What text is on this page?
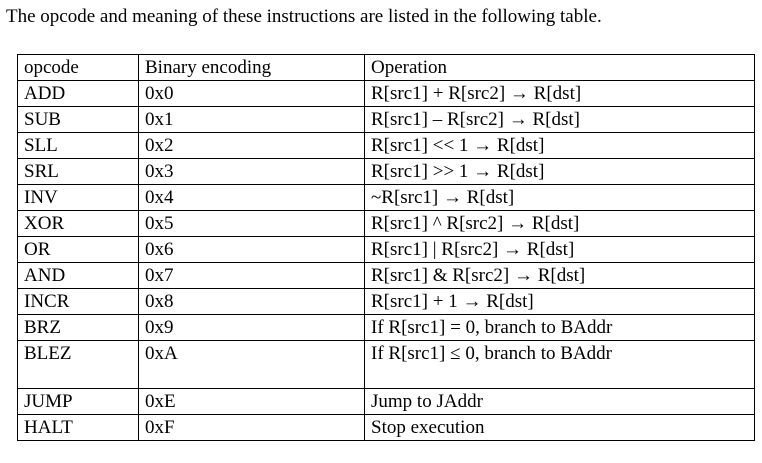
The opcode and meaning of these instructions are listed in the following table.
opcode	Binary encoding	Operation
ADD	0x0	R[src1] + R[src2] → R[dst]
SUB	0x1	R[src1] – R[src2] → R[dst]
SLL	0x2	R[src1] << 1 → R[dst]
SRL	0x3	R[src1] >> 1 → R[dst]
INV	0x4	~R[src1] → R[dst]
XOR	0x5	R[src1] ^ R[src2] → R[dst]
OR	0x6	R[src1] | R[src2] → R[dst]
AND	0x7	R[src1] & R[src2] → R[dst]
INCR	0x8	R[src1] + 1 → R[dst]
BRZ	0x9	If R[src1] = 0, branch to BAddr
BLEZ	0xA	If R[src1] ≤ 0, branch to BAddr
JUMP	0xE	Jump to JAddr
HALT	0xF	Stop execution
